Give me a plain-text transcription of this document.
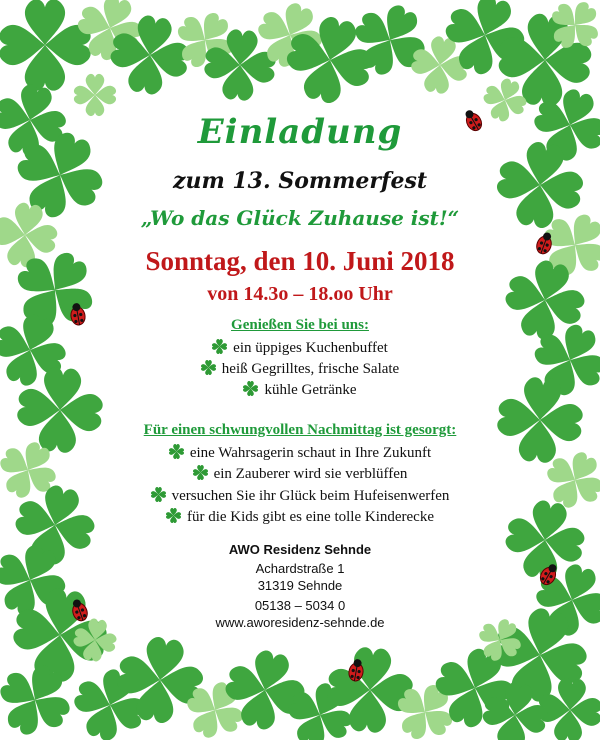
Einladung
zum 13. Sommerfest
„Wo das Glück Zuhause ist!“
Sonntag, den 10. Juni 2018
von 14.3o – 18.oo Uhr
Genießen Sie bei uns:
ein üppiges Kuchenbuffet
heiß Gegrilltes, frische Salate
kühle Getränke
Für einen schwungvollen Nachmittag ist gesorgt:
eine Wahrsagerin schaut in Ihre Zukunft
ein Zauberer wird sie verblüffen
versuchen Sie ihr Glück beim Hufeisenwerfen
für die Kids gibt es eine tolle Kinderecke
AWO Residenz Sehnde
Achardstraße 1
31319 Sehnde
05138 – 5034 0
www.aworesidenz-sehnde.de
